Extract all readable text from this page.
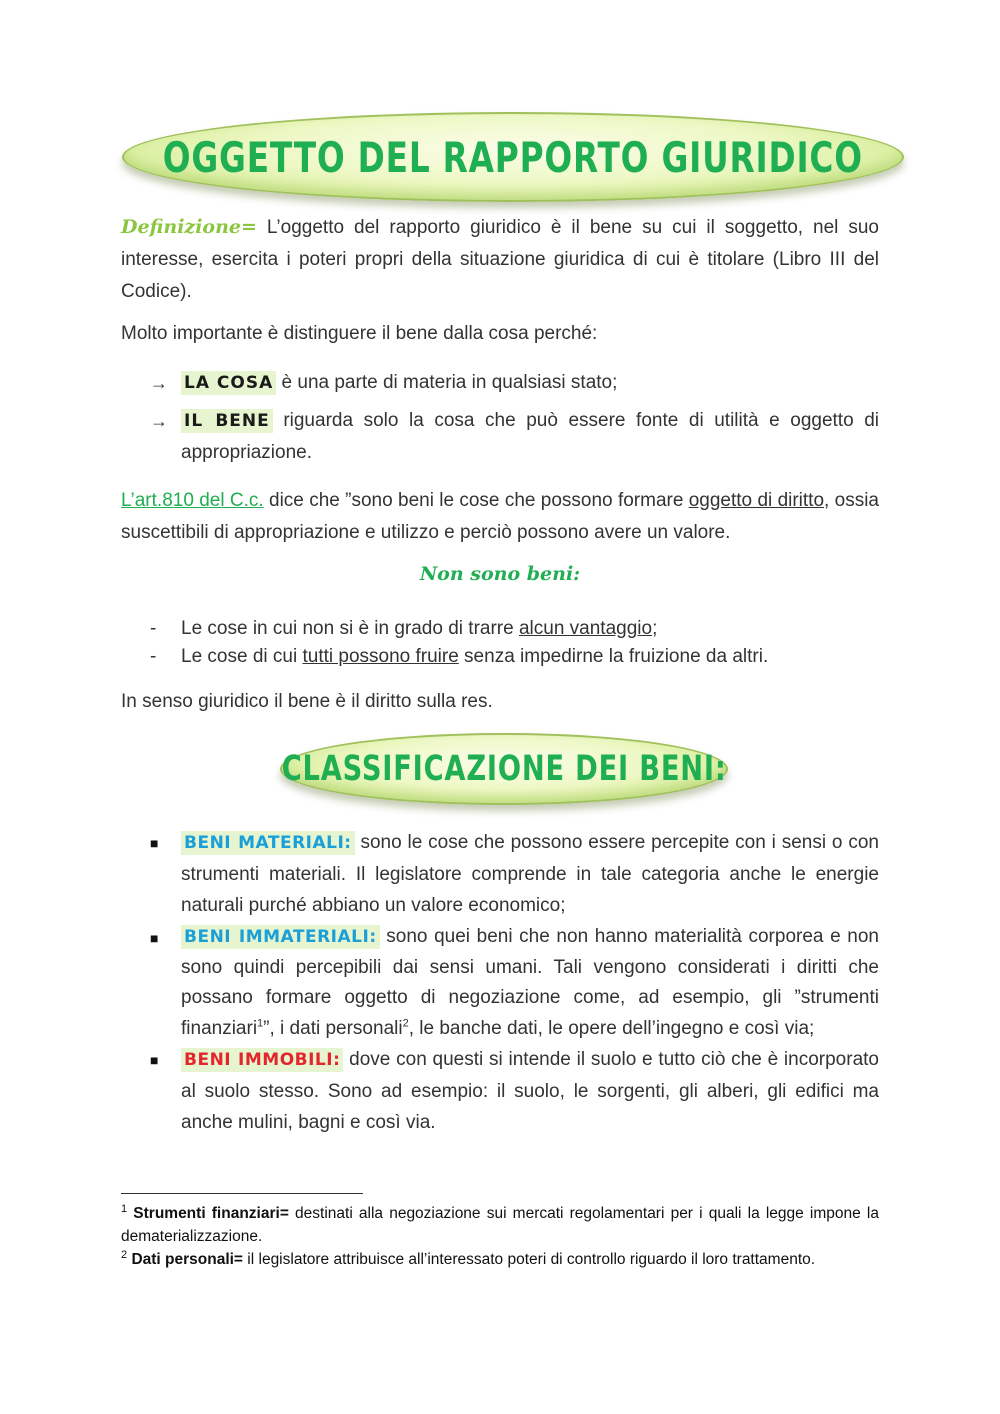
OGGETTO DEL RAPPORTO GIURIDICO
Definizione= L’oggetto del rapporto giuridico è il bene su cui il soggetto, nel suo interesse, esercita i poteri propri della situazione giuridica di cui è titolare (Libro III del Codice).
Molto importante è distinguere il bene dalla cosa perché:
→ LA COSA è una parte di materia in qualsiasi stato;
→ IL BENE riguarda solo la cosa che può essere fonte di utilità e oggetto di appropriazione.
L’art.810 del C.c. dice che ”sono beni le cose che possono formare oggetto di diritto, ossia suscettibili di appropriazione e utilizzo e perciò possono avere un valore.
Non sono beni:
- Le cose in cui non si è in grado di trarre alcun vantaggio;
- Le cose di cui tutti possono fruire senza impedirne la fruizione da altri.
In senso giuridico il bene è il diritto sulla res.
CLASSIFICAZIONE DEI BENI:
■ BENI MATERIALI: sono le cose che possono essere percepite con i sensi o con strumenti materiali. Il legislatore comprende in tale categoria anche le energie naturali purché abbiano un valore economico;
■ BENI IMMATERIALI: sono quei beni che non hanno materialità corporea e non sono quindi percepibili dai sensi umani. Tali vengono considerati i diritti che possano formare oggetto di negoziazione come, ad esempio, gli ”strumenti finanziari$^1$”, i dati personali$^2$, le banche dati, le opere dell’ingegno e così via;
■ BENI IMMOBILI: dove con questi si intende il suolo e tutto ciò che è incorporato al suolo stesso. Sono ad esempio: il suolo, le sorgenti, gli alberi, gli edifici ma anche mulini, bagni e così via.
$^1$ Strumenti finanziari= destinati alla negoziazione sui mercati regolamentari per i quali la legge impone la dematerializzazione.
$^2$ Dati personali= il legislatore attribuisce all’interessato poteri di controllo riguardo il loro trattamento.
